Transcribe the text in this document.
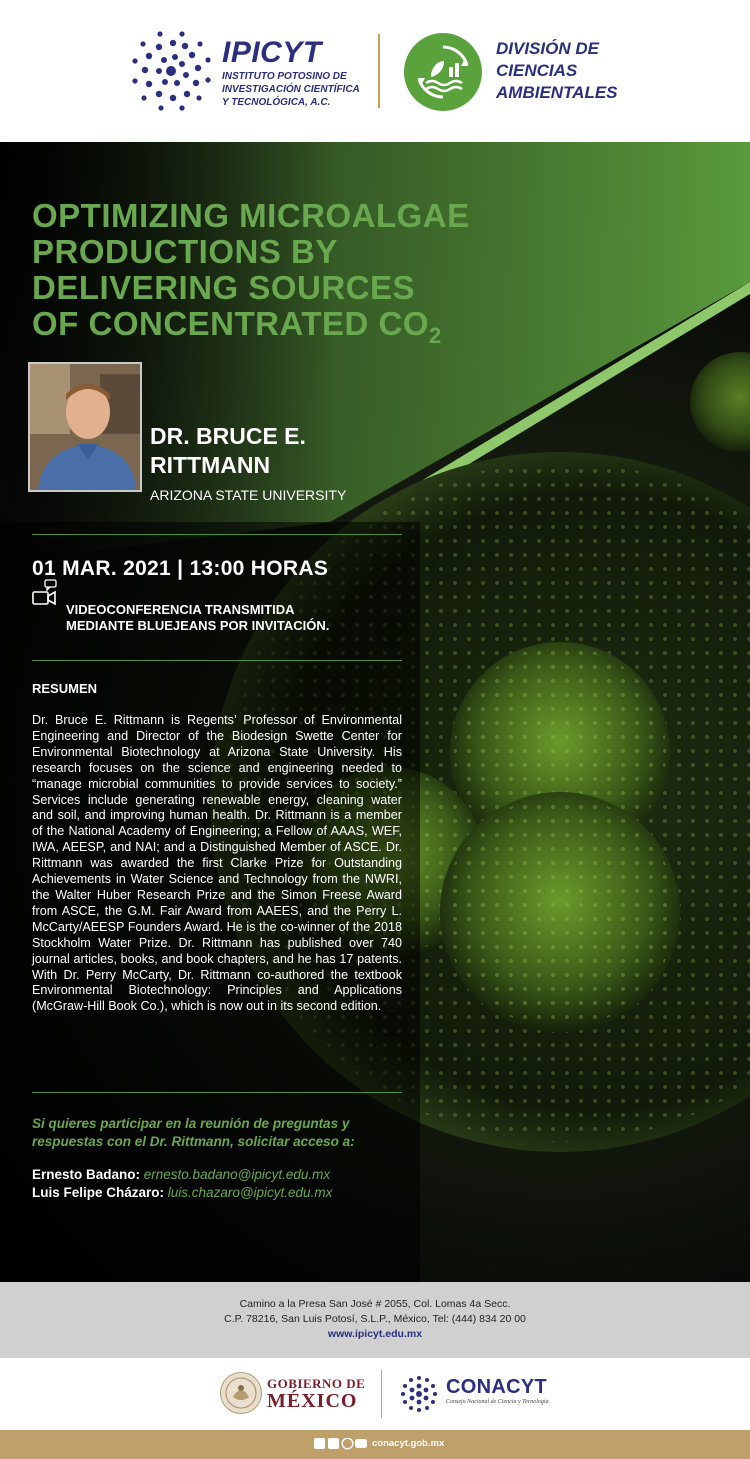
IPICYT
INSTITUTO POTOSINO DE
INVESTIGACIÓN CIENTÍFICA
Y TECNOLÓGICA, A.C.
DIVISIÓN DE
CIENCIAS
AMBIENTALES
OPTIMIZING MICROALGAE
PRODUCTIONS BY
DELIVERING SOURCES
OF CONCENTRATED $CO_2$
DR. BRUCE E.
RITTMANN
ARIZONA STATE UNIVERSITY
01 MAR. 2021 | 13:00 HORAS
VIDEOCONFERENCIA TRANSMITIDA
MEDIANTE BLUEJEANS POR INVITACIÓN.
RESUMEN
Dr. Bruce E. Rittmann is Regents’ Professor of Environmental Engineering and Director of the Biodesign Swette Center for Environmental Biotechnology at Arizona State University. His research focuses on the science and engineering needed to “manage microbial communities to provide services to society.” Services include generating renewable energy, cleaning water and soil, and improving human health. Dr. Rittmann is a member of the National Academy of Engineering; a Fellow of AAAS, WEF, IWA, AEESP, and NAI; and a Distinguished Member of ASCE. Dr. Rittmann was awarded the first Clarke Prize for Outstanding Achievements in Water Science and Technology from the NWRI, the Walter Huber Research Prize and the Simon Freese Award from ASCE, the G.M. Fair Award from AAEES, and the Perry L. McCarty/AEESP Founders Award. He is the co-winner of the 2018 Stockholm Water Prize. Dr. Rittmann has published over 740 journal articles, books, and book chapters, and he has 17 patents. With Dr. Perry McCarty, Dr. Rittmann co-authored the textbook Environmental Biotechnology: Principles and Applications (McGraw-Hill Book Co.), which is now out in its second edition.
Si quieres participar en la reunión de preguntas y
respuestas con el Dr. Rittmann, solicitar acceso a:
Ernesto Badano: ernesto.badano@ipicyt.edu.mx
Luis Felipe Cházaro: luis.chazaro@ipicyt.edu.mx
Camino a la Presa San José # 2055, Col. Lomas 4a Secc.
C.P. 78216, San Luis Potosí, S.L.P., México, Tel: (444) 834 20 00
www.ipicyt.edu.mx
GOBIERNO DE
MÉXICO
CONACYT
Consejo Nacional de Ciencia y Tecnología
conacyt.gob.mx
